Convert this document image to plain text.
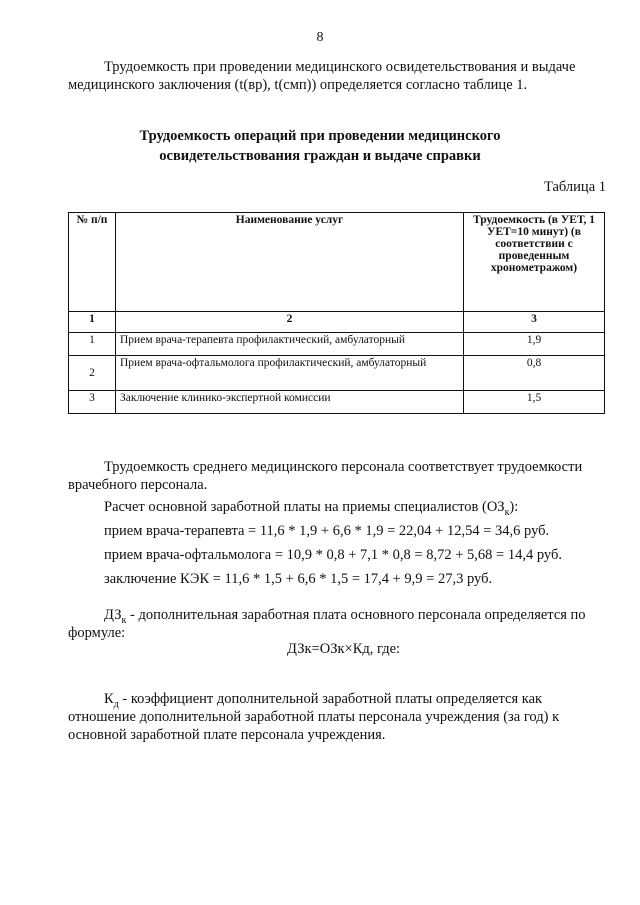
8
Трудоемкость при проведении медицинского освидетельствования и выдаче
медицинского заключения (t(вр), t(смп)) определяется согласно таблице 1.
Трудоемкость операций при проведении медицинского
освидетельствования граждан и выдаче справки
Таблица 1
№ п/п	Наименование услуг	Трудоемкость (в УЕТ, 1 УЕТ=10 минут) (в соответствии с проведенным хронометражом)
1	2	3
1	Прием врача-терапевта профилактический, амбулаторный	1,9
2	Прием врача-офтальмолога профилактический, амбулаторный	0,8
3	Заключение клинико-экспертной комиссии	1,5
Трудоемкость среднего медицинского персонала соответствует трудоемкости
врачебного персонала.
Расчет основной заработной платы на приемы специалистов $(ОЗ_к)$:
прием врача-терапевта = 11,6 * 1,9 + 6,6 * 1,9 = 22,04 + 12,54 = 34,6 руб.
прием врача-офтальмолога = 10,9 * 0,8 + 7,1 * 0,8 = 8,72 + 5,68 = 14,4 руб.
заключение КЭК = 11,6 * 1,5 + 6,6 * 1,5 = 17,4 + 9,9 = 27,3 руб.
$ДЗ_к$ - дополнительная заработная плата основного персонала определяется по
формуле:
ДЗк=ОЗк×Кд, где:
$К_д$ - коэффициент дополнительной заработной платы определяется как
отношение дополнительной заработной платы персонала учреждения (за год) к
основной заработной плате персонала учреждения.
